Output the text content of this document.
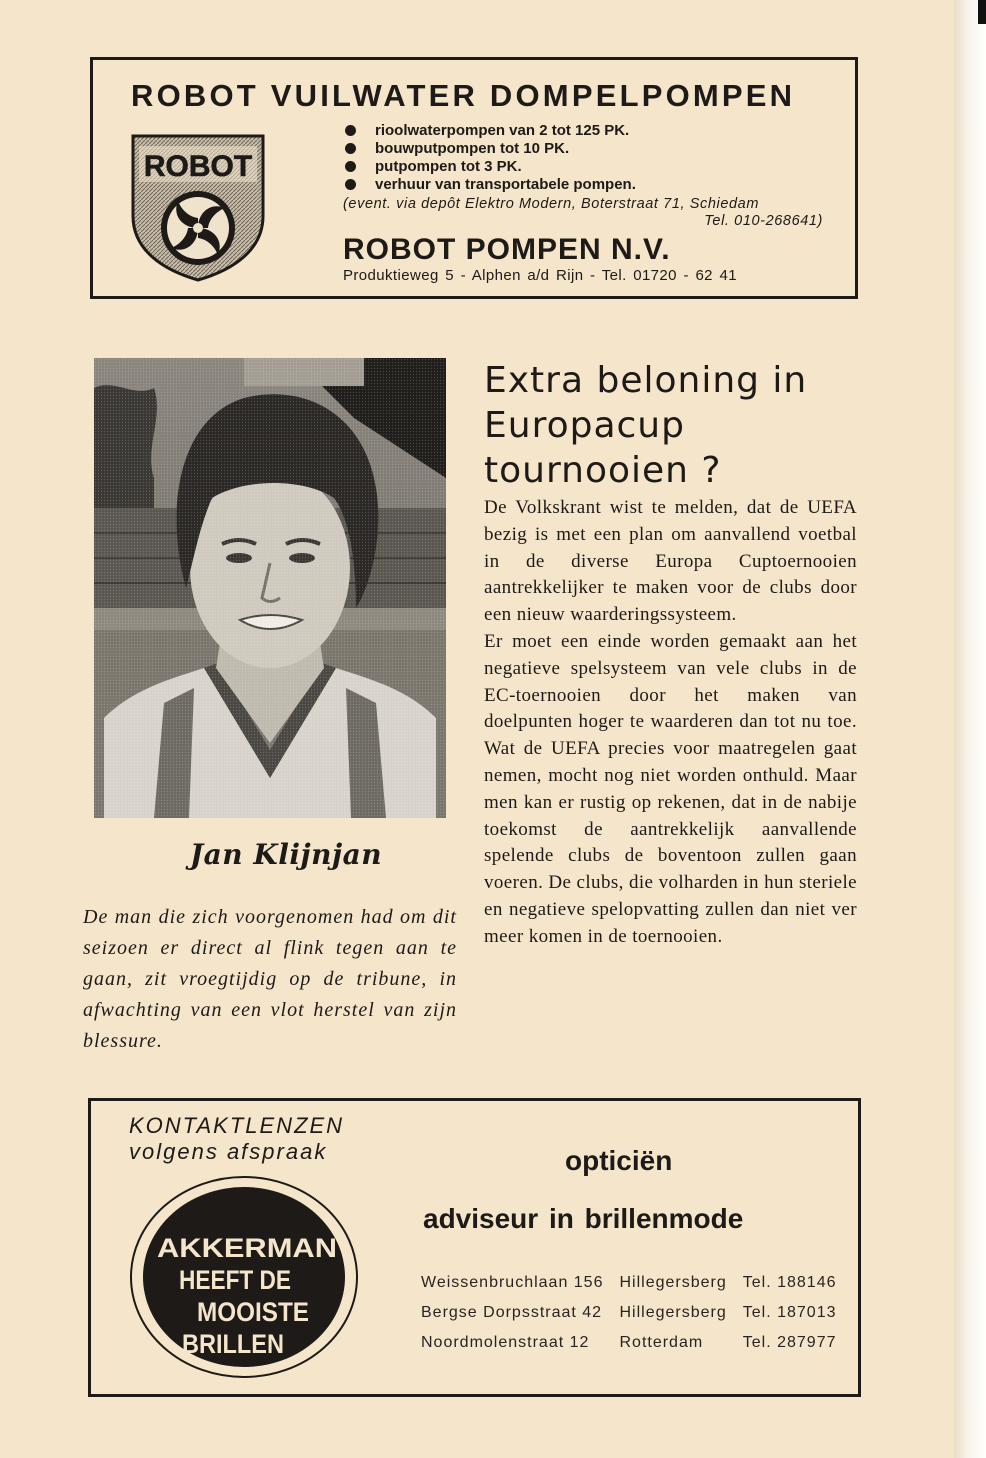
ROBOT VUILWATER DOMPELPOMPEN
ROBOT
rioolwaterpompen van 2 tot 125 PK.
bouwputpompen tot 10 PK.
putpompen tot 3 PK.
verhuur van transportabele pompen.
(event. via depôt Elektro Modern, Boterstraat 71, Schiedam
Tel. 010-268641)
ROBOT POMPEN N.V.
Produktieweg 5 - Alphen a/d Rijn - Tel. 01720 - 62 41
Jan Klijnjan

De man die zich voorgenomen had om dit seizoen er direct al flink tegen aan te gaan, zit vroegtijdig op de tribune, in afwachting van een vlot herstel van zijn blessure.

Extra beloning in Europacup tournooien ?

De Volkskrant wist te melden, dat de UEFA bezig is met een plan om aanvallend voetbal in de diverse Europa Cuptoernooien aantrekkelijker te maken voor de clubs door een nieuw waarderingssysteem.

Er moet een einde worden gemaakt aan het negatieve spelsysteem van vele clubs in de EC-toernooien door het maken van doelpunten hoger te waarderen dan tot nu toe. Wat de UEFA precies voor maatregelen gaat nemen, mocht nog niet worden onthuld. Maar men kan er rustig op rekenen, dat in de nabije toekomst de aantrekkelijk aanvallende spelende clubs de boventoon zullen gaan voeren. De clubs, die volharden in hun steriele en negatieve spelopvatting zullen dan niet ver meer komen in de toernooien.

KONTAKTLENZEN
volgens afspraak
AKKERMAN
HEEFT DE
MOOISTE
BRILLEN
opticiën
adviseur in brillenmode
Weissenbruchlaan 156	Hillegersberg	Tel. 188146
Bergse Dorpsstraat 42	Hillegersberg	Tel. 187013
Noordmolenstraat 12	Rotterdam	Tel. 287977
